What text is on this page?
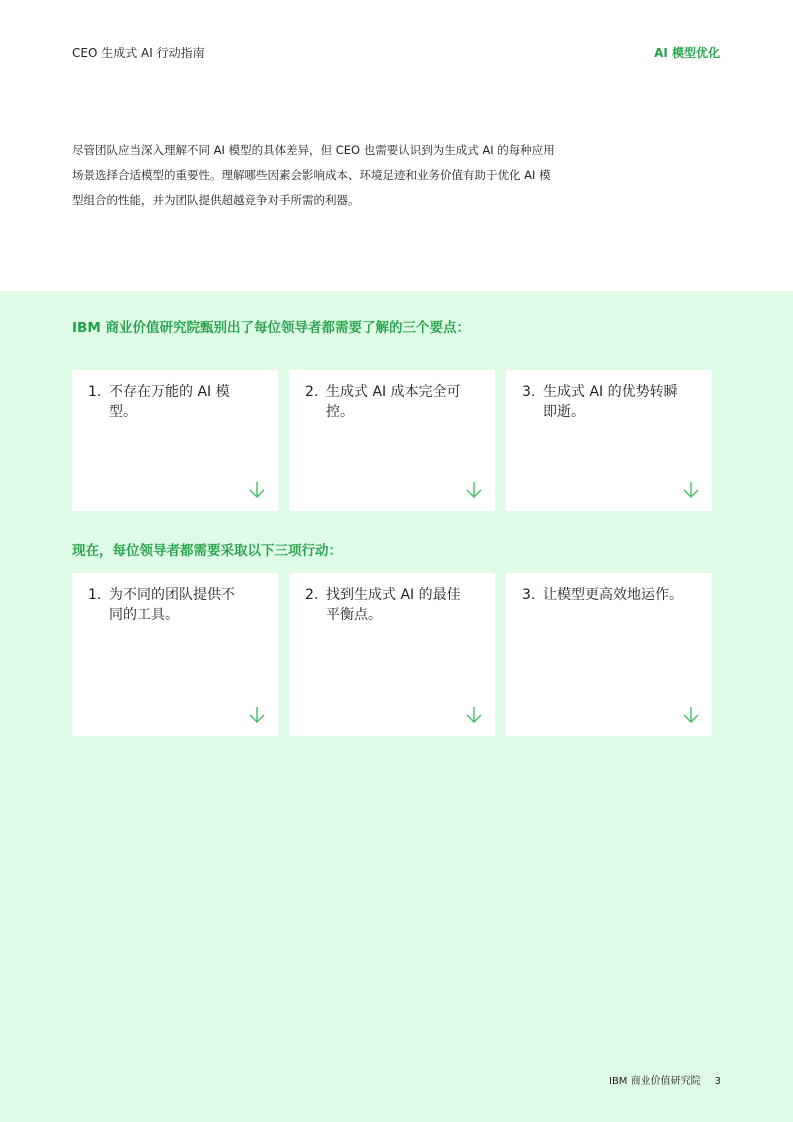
CEO 生成式 AI 行动指南	AI 模型优化
尽管团队应当深入理解不同 AI 模型的具体差异，但 CEO 也需要认识到为生成式 AI 的每种应用场景选择合适模型的重要性。理解哪些因素会影响成本、环境足迹和业务价值有助于优化 AI 模型组合的性能，并为团队提供超越竞争对手所需的利器。
IBM 商业价值研究院甄别出了每位领导者都需要了解的三个要点：
1. 不存在万能的 AI 模型。
2. 生成式 AI 成本完全可控。
3. 生成式 AI 的优势转瞬即逝。
现在，每位领导者都需要采取以下三项行动：
1. 为不同的团队提供不同的工具。
2. 找到生成式 AI 的最佳平衡点。
3. 让模型更高效地运作。
IBM 商业价值研究院 3
